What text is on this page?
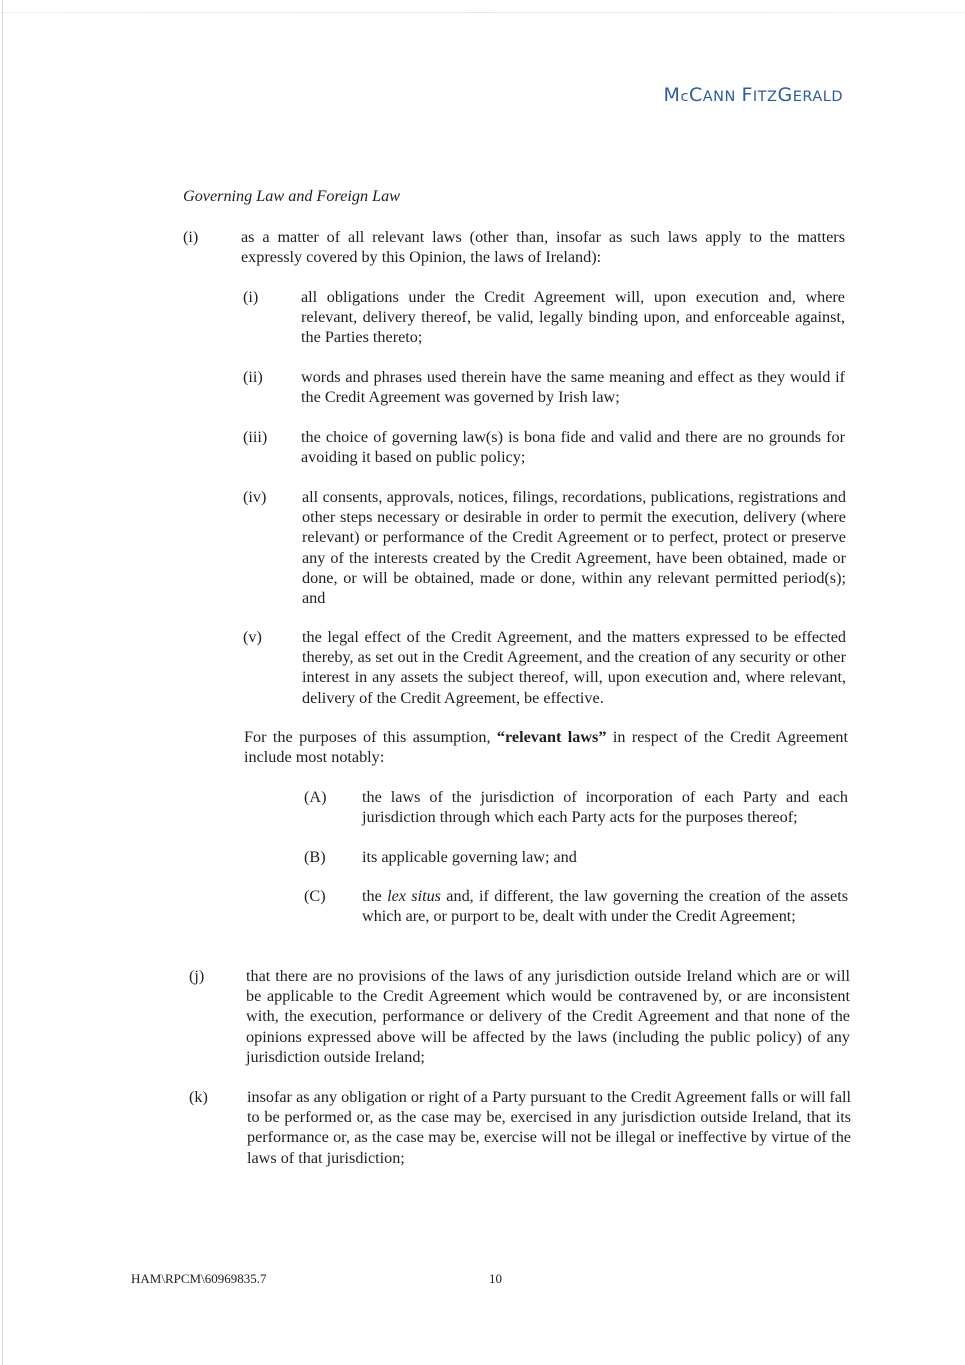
McCANN FITZGERALD
Governing Law and Foreign Law
(i)	as a matter of all relevant laws (other than, insofar as such laws apply to the matters expressly covered by this Opinion, the laws of Ireland):
(i)	all obligations under the Credit Agreement will, upon execution and, where relevant, delivery thereof, be valid, legally binding upon, and enforceable against, the Parties thereto;
(ii) words and phrases used therein have the same meaning and effect as they would if the Credit Agreement was governed by Irish law;
(iii) the choice of governing law(s) is bona fide and valid and there are no grounds for avoiding it based on public policy;
(iv) all consents, approvals, notices, filings, recordations, publications, registrations and other steps necessary or desirable in order to permit the execution, delivery (where relevant) or performance of the Credit Agreement or to perfect, protect or preserve any of the interests created by the Credit Agreement, have been obtained, made or done, or will be obtained, made or done, within any relevant permitted period(s); and
(v) the legal effect of the Credit Agreement, and the matters expressed to be effected thereby, as set out in the Credit Agreement, and the creation of any security or other interest in any assets the subject thereof, will, upon execution and, where relevant, delivery of the Credit Agreement, be effective.
For the purposes of this assumption, “relevant laws” in respect of the Credit Agreement include most notably:
(A) the laws of the jurisdiction of incorporation of each Party and each jurisdiction through which each Party acts for the purposes thereof;
(B) its applicable governing law; and
(C) the lex situs and, if different, the law governing the creation of the assets which are, or purport to be, dealt with under the Credit Agreement;
(j)	that there are no provisions of the laws of any jurisdiction outside Ireland which are or will be applicable to the Credit Agreement which would be contravened by, or are inconsistent with, the execution, performance or delivery of the Credit Agreement and that none of the opinions expressed above will be affected by the laws (including the public policy) of any jurisdiction outside Ireland;
(k) insofar as any obligation or right of a Party pursuant to the Credit Agreement falls or will fall to be performed or, as the case may be, exercised in any jurisdiction outside Ireland, that its performance or, as the case may be, exercise will not be illegal or ineffective by virtue of the laws of that jurisdiction;
HAM\RPCM\60969835.7	10
